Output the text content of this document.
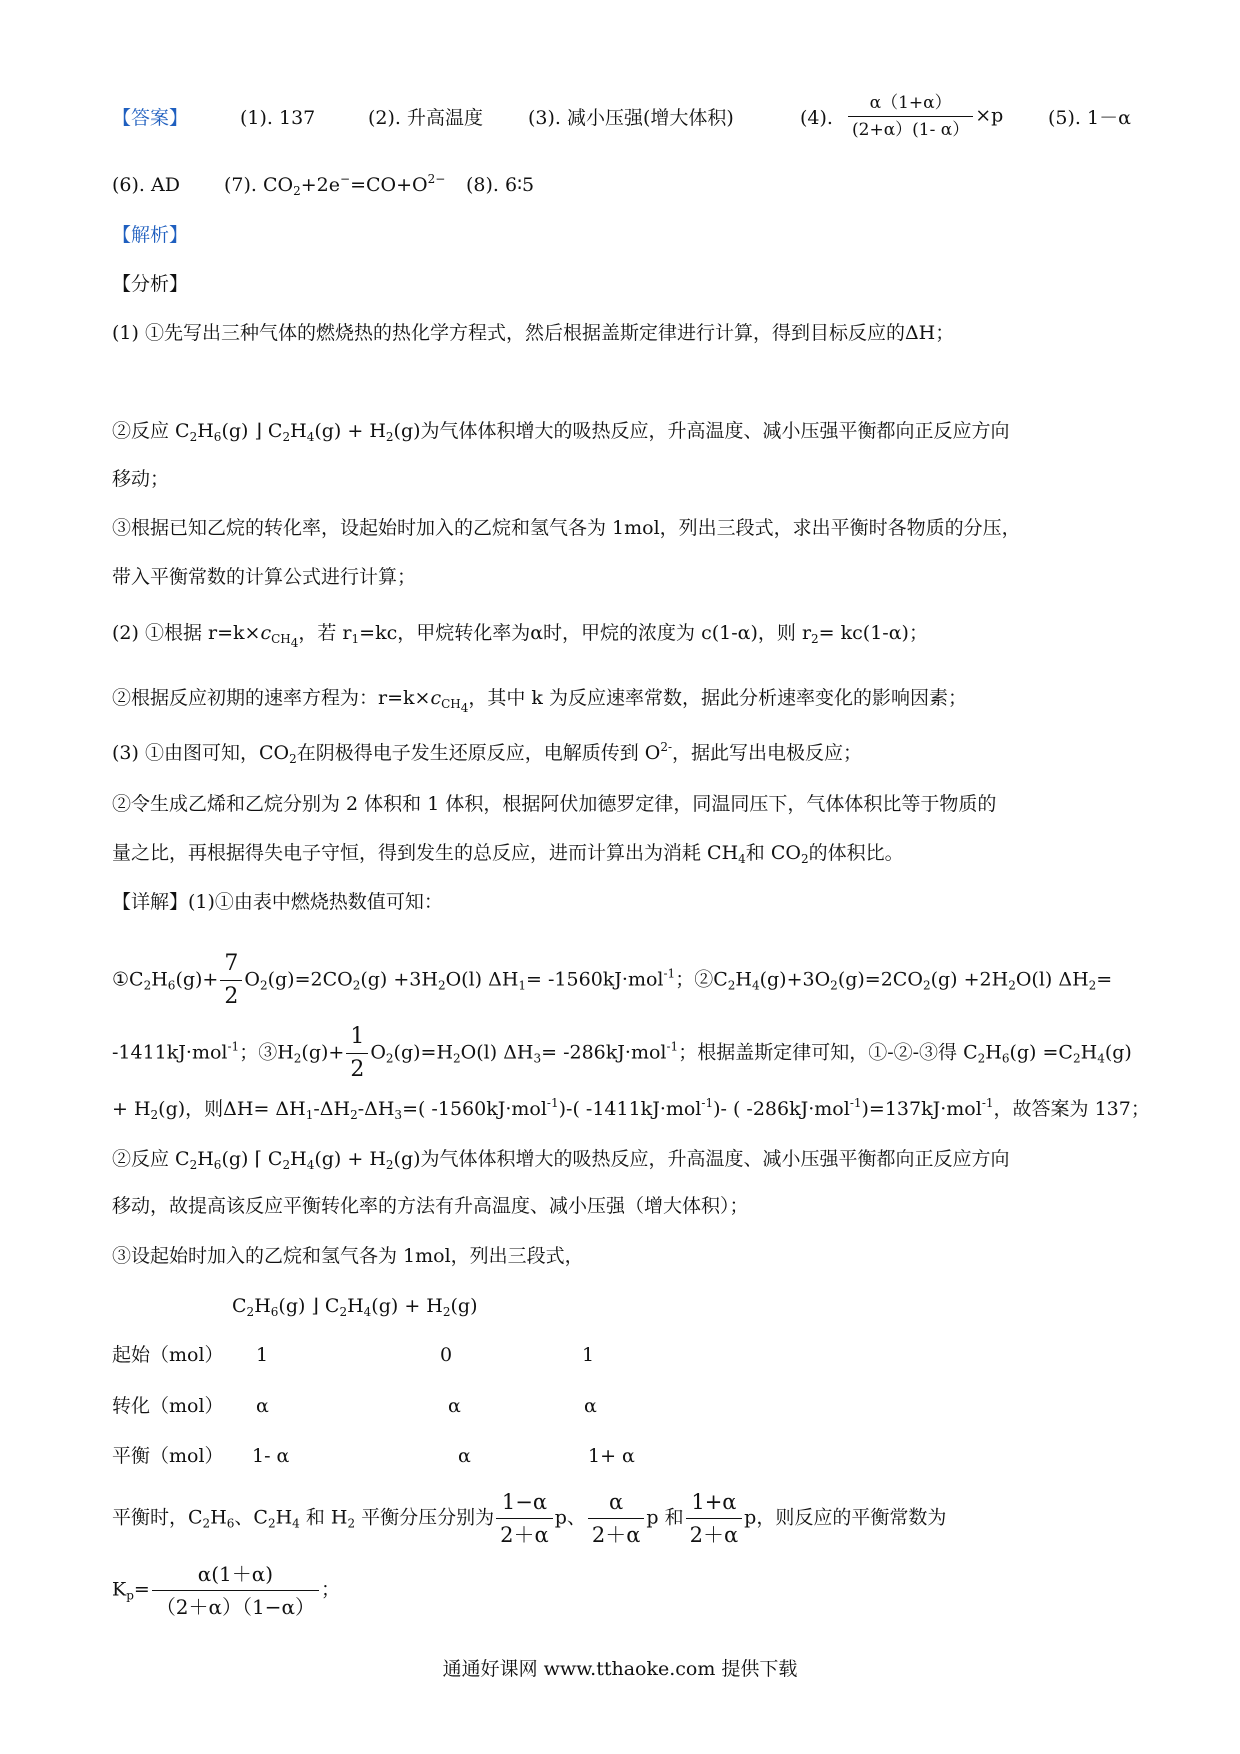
【答案】	(1). 137	(2). 升高温度 (3). 减小压强(增大体积)	(4). $\frac{\alpha(1+\alpha)}{(2+\alpha)(1- \alpha)} \times p$ (5). 1－α
(6). AD (7). $CO_2+2e^-=CO+O^{2-}$ (8). 6∶5
【解析】
【分析】
(1) ①先写出三种气体的燃烧热的热化学方程式，然后根据盖斯定律进行计算，得到目标反应的ΔH；
②反应 $C_2H_6(g)$ ⌋ $C_2H_4(g) + H_2(g)$为气体体积增大的吸热反应，升高温度、减小压强平衡都向正反应方向
移动；
③根据已知乙烷的转化率，设起始时加入的乙烷和氢气各为 1mol，列出三段式，求出平衡时各物质的分压，
带入平衡常数的计算公式进行计算；
(2) ①根据 $r=k\times c_{CH_4}$，若 $r_1=kc$，甲烷转化率为α时，甲烷的浓度为 c(1-α)，则 $r_2= kc(1-\alpha)$；
②根据反应初期的速率方程为：$r=k\times c_{CH_4}$，其中 k 为反应速率常数，据此分析速率变化的影响因素；
(3) ①由图可知，$CO_2$在阴极得电子发生还原反应，电解质传到 $O^{2-}$，据此写出电极反应；
②令生成乙烯和乙烷分别为 2 体积和 1 体积，根据阿伏加德罗定律，同温同压下，气体体积比等于物质的
量之比，再根据得失电子守恒，得到发生的总反应，进而计算出为消耗 $CH_4$和 $CO_2$的体积比。
【详解】(1)①由表中燃烧热数值可知：
$①C_2H_6(g)+ \frac{7}{2} O_2(g)=2CO_2(g) +3H_2O(l)$ $\Delta H_1= -1560kJ\cdot mol^{-1}$；$②C_2H_4(g)+3O_2(g)=2CO_2(g) +2H_2O(l)$ $\Delta H_2=$
-1411kJ·mol$^{-1}$；$③H_2(g)+ \frac{1}{2} O_2(g)=H_2O(l)$ $\Delta H_3= -286kJ\cdot mol^{-1}$；根据盖斯定律可知，①-②-③得 $C_2H_6(g) =C_2H_4(g)$
+ $H_2(g)$，则$\Delta H= \Delta H_1-\Delta H_2-\Delta H_3=$( -1560kJ·mol$^{-1}$)-( -1411kJ·mol$^{-1}$)- ( -286kJ·mol$^{-1}$)=137kJ·mol$^{-1}$，故答案为 137；
②反应 $C_2H_6(g)$ ⌈ $C_2H_4(g) + H_2(g)$为气体体积增大的吸热反应，升高温度、减小压强平衡都向正反应方向
移动，故提高该反应平衡转化率的方法有升高温度、减小压强（增大体积）；
③设起始时加入的乙烷和氢气各为 1mol，列出三段式，
$C_2H_6(g)$ ⌋ $C_2H_4(g) + H_2(g)$
起始（mol） 1	0	1
转化（mol） α	α	α
平衡（mol） 1- α	α	1+ α
平衡时，$C_2H_6$、$C_2H_4$ 和 $H_2$ 平衡分压分别为 $\frac{1-\alpha}{2+\alpha}$ p、 $\frac{\alpha}{2+\alpha}$ p 和 $\frac{1+\alpha}{2+\alpha}$ p，则反应的平衡常数为
$K_p= \frac{\alpha(1+\alpha)}{(2+\alpha)(1-\alpha)}$ ；
通通好课网 www.tthaoke.com 提供下载
